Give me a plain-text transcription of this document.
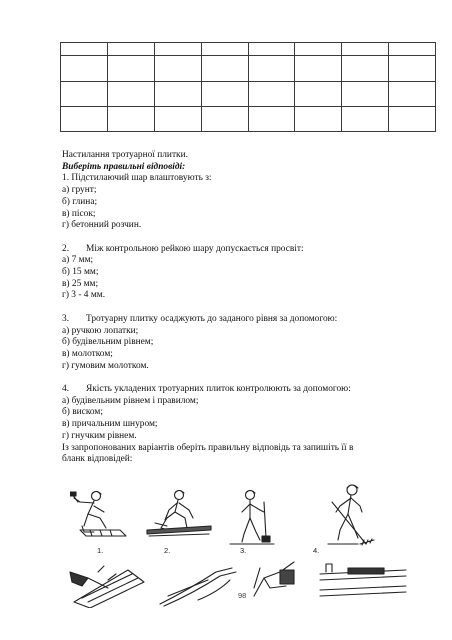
Настилання тротуарної плитки.

Виберіть правильні відповіді:

1. Підстилаючий шар влаштовують з:

а) грунт;

б) глина;

в) пісок;

г) бетонний розчин.

2. Між контрольною рейкою шару допускається просвіт:

а) 7 мм;

б) 15 мм;

в) 25 мм;

г) 3 - 4 мм.

3. Тротуарну плитку осаджують до заданого рівня за допомогою:

а) ручкою лопатки;

б) будівельним рівнем;

в) молотком;

г) гумовим молотком.

4. Якість укладених тротуарних плиток контролюють за допомогою:

а) будівельним рівнем і правилом;

б) виском;

в) причальним шнуром;

г) гнучким рівнем.

Із запропонованих варіантів оберіть правильну відповідь та запишіть її в

бланк відповідей:

1.	2.	3.	4.
98
